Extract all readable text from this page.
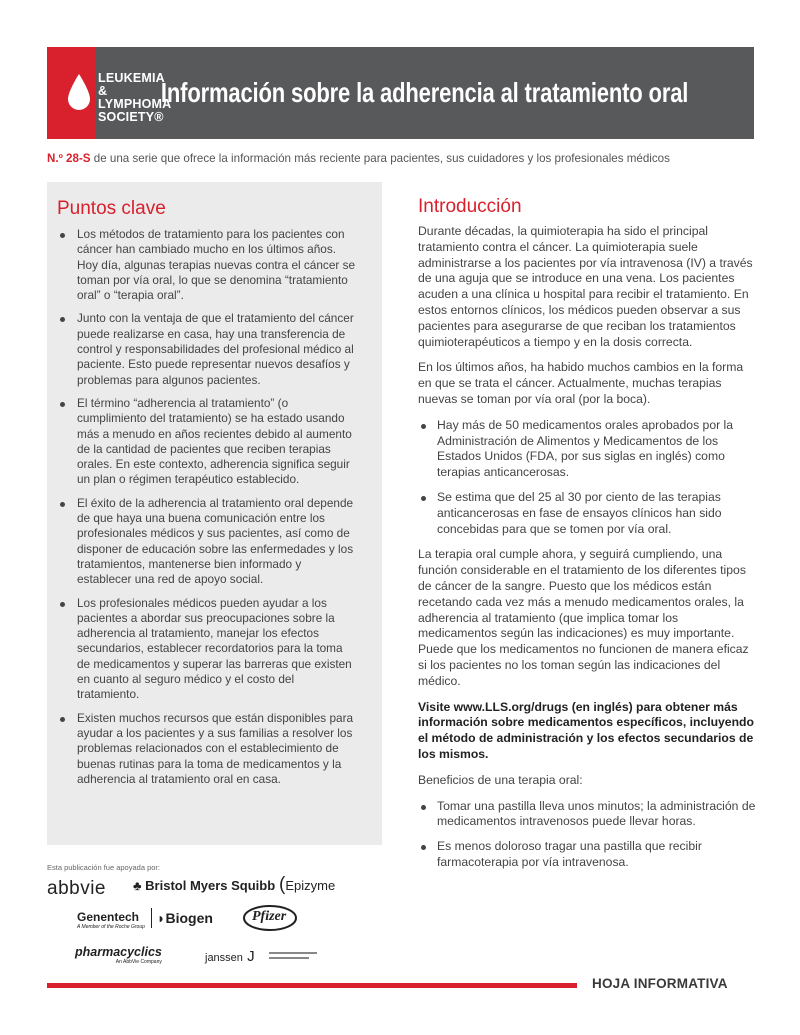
LEUKEMIA &
LYMPHOMA
SOCIETY®
Información sobre la adherencia al tratamiento oral
N.º 28-S de una serie que ofrece la información más reciente para pacientes, sus cuidadores y los profesionales médicos
Puntos clave
Los métodos de tratamiento para los pacientes con cáncer han cambiado mucho en los últimos años. Hoy día, algunas terapias nuevas contra el cáncer se toman por vía oral, lo que se denomina “tratamiento oral” o “terapia oral”.
Junto con la ventaja de que el tratamiento del cáncer puede realizarse en casa, hay una transferencia de control y responsabilidades del profesional médico al paciente. Esto puede representar nuevos desafíos y problemas para algunos pacientes.
El término “adherencia al tratamiento” (o cumplimiento del tratamiento) se ha estado usando más a menudo en años recientes debido al aumento de la cantidad de pacientes que reciben terapias orales. En este contexto, adherencia significa seguir un plan o régimen terapéutico establecido.
El éxito de la adherencia al tratamiento oral depende de que haya una buena comunicación entre los profesionales médicos y sus pacientes, así como de disponer de educación sobre las enfermedades y los tratamientos, mantenerse bien informado y establecer una red de apoyo social.
Los profesionales médicos pueden ayudar a los pacientes a abordar sus preocupaciones sobre la adherencia al tratamiento, manejar los efectos secundarios, establecer recordatorios para la toma de medicamentos y superar las barreras que existen en cuanto al seguro médico y el costo del tratamiento.
Existen muchos recursos que están disponibles para ayudar a los pacientes y a sus familias a resolver los problemas relacionados con el establecimiento de buenas rutinas para la toma de medicamentos y la adherencia al tratamiento oral en casa.
Esta publicación fue apoyada por:
abbvie ♣ Bristol Myers Squibb (Epizyme
Genentech
A Member of the Roche Group
◗Biogen	Pfizer
pharmacyclics
An AbbVie Company	janssen J
Introducción

Durante décadas, la quimioterapia ha sido el principal tratamiento contra el cáncer. La quimioterapia suele administrarse a los pacientes por vía intravenosa (IV) a través de una aguja que se introduce en una vena. Los pacientes acuden a una clínica u hospital para recibir el tratamiento. En estos entornos clínicos, los médicos pueden observar a sus pacientes para asegurarse de que reciban los tratamientos quimioterapéuticos a tiempo y en la dosis correcta.

En los últimos años, ha habido muchos cambios en la forma en que se trata el cáncer. Actualmente, muchas terapias nuevas se toman por vía oral (por la boca).

Hay más de 50 medicamentos orales aprobados por la Administración de Alimentos y Medicamentos de los Estados Unidos (FDA, por sus siglas en inglés) como terapias anticancerosas.
Se estima que del 25 al 30 por ciento de las terapias anticancerosas en fase de ensayos clínicos han sido concebidas para que se tomen por vía oral.

La terapia oral cumple ahora, y seguirá cumpliendo, una función considerable en el tratamiento de los diferentes tipos de cáncer de la sangre. Puesto que los médicos están recetando cada vez más a menudo medicamentos orales, la adherencia al tratamiento (que implica tomar los medicamentos según las indicaciones) es muy importante. Puede que los medicamentos no funcionen de manera eficaz si los pacientes no los toman según las indicaciones del médico.

Visite www.LLS.org/drugs (en inglés) para obtener más información sobre medicamentos específicos, incluyendo el método de administración y los efectos secundarios de los mismos.

Beneficios de una terapia oral:

Tomar una pastilla lleva unos minutos; la administración de medicamentos intravenosos puede llevar horas.
Es menos doloroso tragar una pastilla que recibir farmacoterapia por vía intravenosa.
HOJA INFORMATIVA
